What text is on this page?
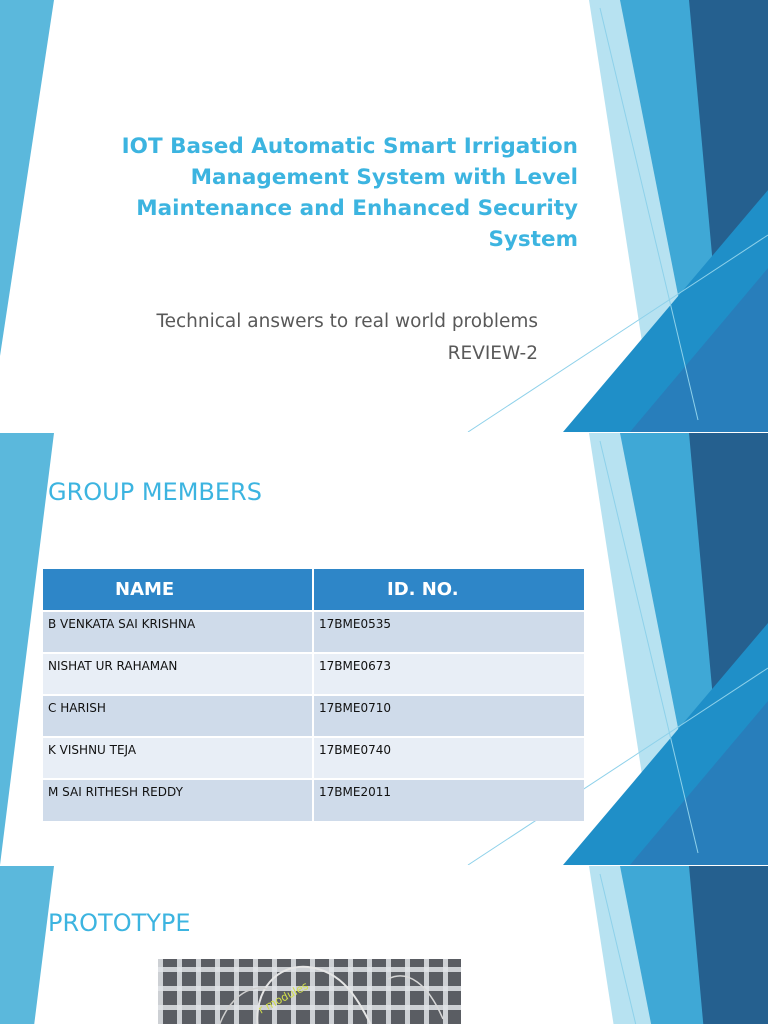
IOT Based Automatic Smart Irrigation Management System with Level Maintenance and Enhanced Security System
Technical answers to real world problems
REVIEW-2
GROUP MEMBERS
NAME	ID. NO.
B VENKATA SAI KRISHNA	17BME0535
NISHAT UR RAHAMAN	17BME0673
C HARISH	17BME0710
K VISHNU TEJA	17BME0740
M SAI RITHESH REDDY	17BME2011
PROTOTYPE
r modules
